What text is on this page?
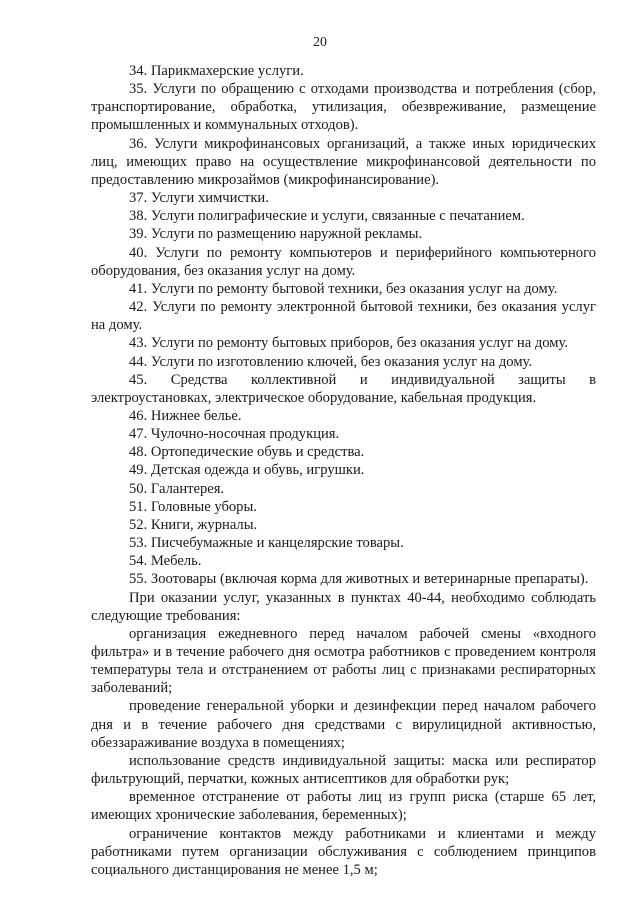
20

34. Парикмахерские услуги.

35. Услуги по обращению с отходами производства и потребления (сбор, транспортирование, обработка, утилизация, обезвреживание, размещение промышленных и коммунальных отходов).

36. Услуги микрофинансовых организаций, а также иных юридических лиц, имеющих право на осуществление микрофинансовой деятельности по предоставлению микрозаймов (микрофинансирование).

37. Услуги химчистки.

38. Услуги полиграфические и услуги, связанные с печатанием.

39. Услуги по размещению наружной рекламы.

40. Услуги по ремонту компьютеров и периферийного компьютерного оборудования, без оказания услуг на дому.

41. Услуги по ремонту бытовой техники, без оказания услуг на дому.

42. Услуги по ремонту электронной бытовой техники, без оказания услуг на дому.

43. Услуги по ремонту бытовых приборов, без оказания услуг на дому.

44. Услуги по изготовлению ключей, без оказания услуг на дому.

45. Средства коллективной и индивидуальной защиты в электроустановках, электрическое оборудование, кабельная продукция.

46. Нижнее белье.

47. Чулочно-носочная продукция.

48. Ортопедические обувь и средства.

49. Детская одежда и обувь, игрушки.

50. Галантерея.

51. Головные уборы.

52. Книги, журналы.

53. Писчебумажные и канцелярские товары.

54. Мебель.

55. Зоотовары (включая корма для животных и ветеринарные препараты).

При оказании услуг, указанных в пунктах 40-44, необходимо соблюдать следующие требования:

организация ежедневного перед началом рабочей смены «входного фильтра» и в течение рабочего дня осмотра работников с проведением контроля температуры тела и отстранением от работы лиц с признаками респираторных заболеваний;

проведение генеральной уборки и дезинфекции перед началом рабочего дня и в течение рабочего дня средствами с вирулицидной активностью, обеззараживание воздуха в помещениях;

использование средств индивидуальной защиты: маска или респиратор фильтрующий, перчатки, кожных антисептиков для обработки рук;

временное отстранение от работы лиц из групп риска (старше 65 лет, имеющих хронические заболевания, беременных);

ограничение контактов между работниками и клиентами и между работниками путем организации обслуживания с соблюдением принципов социального дистанцирования не менее 1,5 м;
